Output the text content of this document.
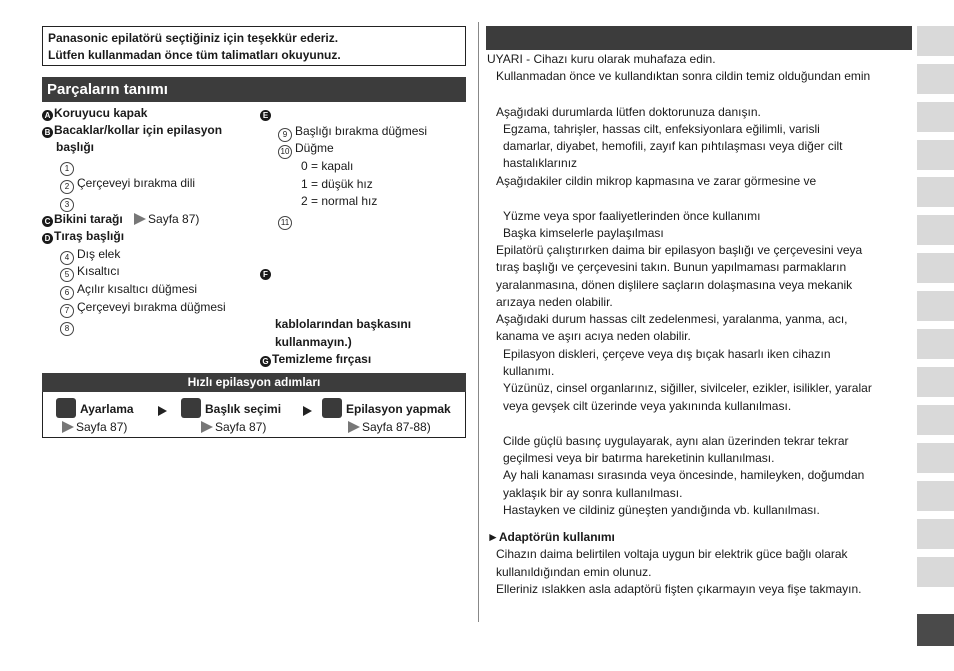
Panasonic epilatörü seçtiğiniz için teşekkür ederiz.
Lütfen kullanmadan önce tüm talimatları okuyunuz.
Parçaların tanımı
A Koruyucu kapak
B Bacaklar/kollar için epilasyon
başlığı
1
2 Çerçeveyi bırakma dili
3
C Bikini tarağı Sayfa 87)
D Tıraş başlığı
4 Dış elek
5 Kısaltıcı
6 Açılır kısaltıcı düğmesi
7 Çerçeveyi bırakma düğmesi
8
E
9 Başlığı bırakma düğmesi
10 Düğme
0 = kapalı
1 = düşük hız
2 = normal hız
11
F
kablolarından başkasını
kullanmayın.)
G Temizleme fırçası
Hızlı epilasyon adımları
Ayarlama
Sayfa 87)
Başlık seçimi
Sayfa 87)
Epilasyon yapmak
Sayfa 87-88)
UYARI - Cihazı kuru olarak muhafaza edin.
Kullanmadan önce ve kullandıktan sonra cildin temiz olduğundan emin
Aşağıdaki durumlarda lütfen doktorunuza danışın.
Egzama, tahrişler, hassas cilt, enfeksiyonlara eğilimli, varisli
damarlar, diyabet, hemofili, zayıf kan pıhtılaşması veya diğer cilt
hastalıklarınız
Aşağıdakiler cildin mikrop kapmasına ve zarar görmesine ve
Yüzme veya spor faaliyetlerinden önce kullanımı
Başka kimselerle paylaşılması
Epilatörü çalıştırırken daima bir epilasyon başlığı ve çerçevesini veya
tıraş başlığı ve çerçevesini takın. Bunun yapılmaması parmakların
yaralanmasına, dönen dişlilere saçların dolaşmasına veya mekanik
arızaya neden olabilir.
Aşağıdaki durum hassas cilt zedelenmesi, yaralanma, yanma, acı,
kanama ve aşırı acıya neden olabilir.
Epilasyon diskleri, çerçeve veya dış bıçak hasarlı iken cihazın
kullanımı.
Yüzünüz, cinsel organlarınız, siğiller, sivilceler, ezikler, isilikler, yaralar
veya gevşek cilt üzerinde veya yakınında kullanılması.
Cilde güçlü basınç uygulayarak, aynı alan üzerinden tekrar tekrar
geçilmesi veya bir batırma hareketinin kullanılması.
Ay hali kanaması sırasında veya öncesinde, hamileyken, doğumdan
yaklaşık bir ay sonra kullanılması.
Hastayken ve cildiniz güneşten yandığında vb. kullanılması.
►Adaptörün kullanımı
Cihazın daima belirtilen voltaja uygun bir elektrik güce bağlı olarak
kullanıldığından emin olunuz.
Elleriniz ıslakken asla adaptörü fişten çıkarmayın veya fişe takmayın.
